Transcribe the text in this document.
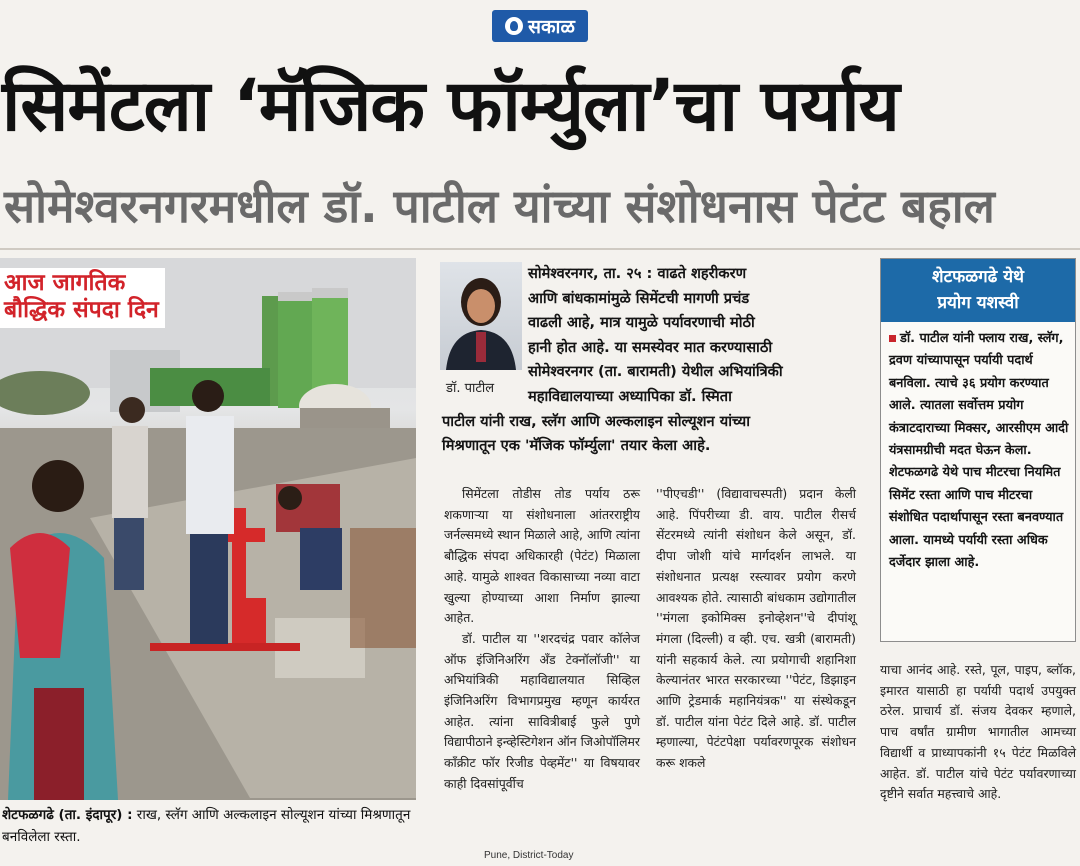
सकाळ
सिमेंटला ‘मॅजिक फॉर्म्युला’चा पर्याय
सोमेश्वरनगरमधील डॉ. पाटील यांच्या संशोधनास पेटंट बहाल
आज जागतिक
बौद्धिक संपदा दिन
शेटफळगढे (ता. इंदापूर) : राख, स्लॅग आणि अल्कलाइन सोल्यूशन यांच्या मिश्रणातून बनविलेला रस्ता.
डॉ. पाटील
सोमेश्वरनगर, ता. २५ : वाढते शहरीकरण
आणि बांधकामांमुळे सिमेंटची मागणी प्रचंड
वाढली आहे, मात्र यामुळे पर्यावरणाची मोठी
हानी होत आहे. या समस्येवर मात करण्यासाठी
सोमेश्वरनगर (ता. बारामती) येथील अभियांत्रिकी
महाविद्यालयाच्या अध्यापिका डॉ. स्मिता
पाटील यांनी राख, स्लॅग आणि अल्कलाइन सोल्यूशन यांच्या
मिश्रणातून एक 'मॅजिक फॉर्म्युला' तयार केला आहे.
शेटफळगढे येथे
प्रयोग यशस्वी
डॉ. पाटील यांनी फ्लाय राख, स्लॅग, द्रवण यांच्यापासून पर्यायी पदार्थ बनविला. त्याचे ३६ प्रयोग करण्यात आले. त्यातला सर्वोत्तम प्रयोग कंत्राटदाराच्या मिक्सर, आरसीएम आदी यंत्रसामग्रीची मदत घेऊन केला. शेटफळगढे येथे पाच मीटरचा नियमित सिमेंट रस्ता आणि पाच मीटरचा संशोधित पदार्थापासून रस्ता बनवण्यात आला. यामध्ये पर्यायी रस्ता अधिक दर्जेदार झाला आहे.

सिमेंटला तोडीस तोड पर्याय ठरू शकणाऱ्या या संशोधनाला आंतरराष्ट्रीय जर्नल्समध्ये स्थान मिळाले आहे, आणि त्यांना बौद्धिक संपदा अधिकारही (पेटंट) मिळाला आहे. यामुळे शाश्वत विकासाच्या नव्या वाटा खुल्या होण्याच्या आशा निर्माण झाल्या आहेत.

डॉ. पाटील या ''शरदचंद्र पवार कॉलेज ऑफ इंजिनिअरिंग अँड टेक्नॉलॉजी'' या अभियांत्रिकी महाविद्यालयात सिव्हिल इंजिनिअरिंग विभागप्रमुख म्हणून कार्यरत आहेत. त्यांना सावित्रीबाई फुले पुणे विद्यापीठाने इन्व्हेस्टिगेशन ऑन जिओपॉलिमर काँक्रीट फॉर रिजीड पेव्हमेंट'' या विषयावर काही दिवसांपूर्वीच

''पीएचडी'' (विद्यावाचस्पती) प्रदान केली आहे. पिंपरीच्या डी. वाय. पाटील रीसर्च सेंटरमध्ये त्यांनी संशोधन केले असून, डॉ. दीपा जोशी यांचे मार्गदर्शन लाभले. या संशोधनात प्रत्यक्ष रस्त्यावर प्रयोग करणे आवश्यक होते. त्यासाठी बांधकाम उद्योगातील ''मंगला इकोमिक्स इनोव्हेशन''चे दीपांशू मंगला (दिल्ली) व व्ही. एच. खत्री (बारामती) यांनी सहकार्य केले. त्या प्रयोगाची शहानिशा केल्यानंतर भारत सरकारच्या ''पेटंट, डिझाइन आणि ट्रेडमार्क महानियंत्रक'' या संस्थेकडून डॉ. पाटील यांना पेटंट दिले आहे. डॉ. पाटील म्हणाल्या, पेटंटपेक्षा पर्यावरणपूरक संशोधन करू शकले

याचा आनंद आहे. रस्ते, पूल, पाइप, ब्लॉक, इमारत यासाठी हा पर्यायी पदार्थ उपयुक्त ठरेल. प्राचार्य डॉ. संजय देवकर म्हणाले, पाच वर्षांत ग्रामीण भागातील आमच्या विद्यार्थी व प्राध्यापकांनी १५ पेटंट मिळविले आहेत. डॉ. पाटील यांचे पेटंट पर्यावरणाच्या दृष्टीने सर्वात महत्त्वाचे आहे.

Pune, District-Today
